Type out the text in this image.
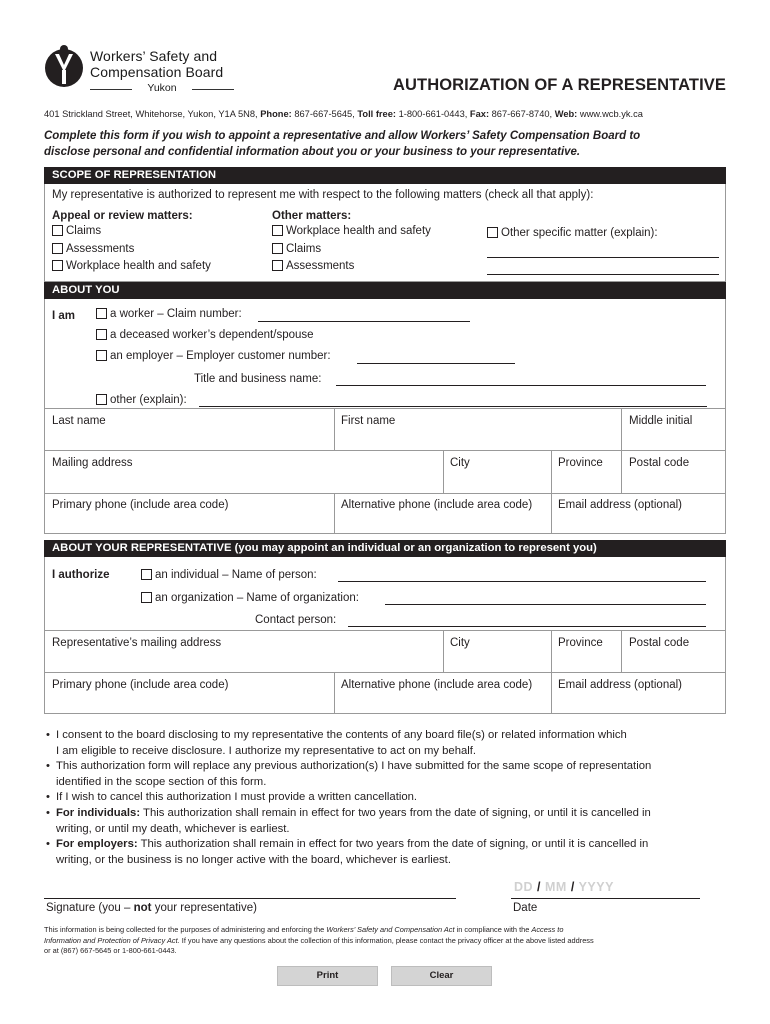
Workers’ Safety and
Compensation Board
Yukon	AUTHORIZATION OF A REPRESENTATIVE
401 Strickland Street, Whitehorse, Yukon, Y1A 5N8, Phone: 867-667-5645, Toll free: 1-800-661-0443, Fax: 867-667-8740, Web: www.wcb.yk.ca
Complete this form if you wish to appoint a representative and allow Workers’ Safety Compensation Board to
disclose personal and confidential information about you or your business to your representative.
SCOPE OF REPRESENTATION
My representative is authorized to represent me with respect to the following matters (check all that apply):
Appeal or review matters:
Claims
Assessments
Workplace health and safety
Other matters:
Workplace health and safety
Claims
Assessments
Other specific matter (explain):
ABOUT YOU
I am	a worker – Claim number:
a deceased worker’s dependent/spouse
an employer – Employer customer number:
Title and business name:
other (explain):
Last name	First name	Middle initial
Mailing address	City	Province Postal code
Primary phone (include area code)	Alternative phone (include area code) Email address (optional)
ABOUT YOUR REPRESENTATIVE (you may appoint an individual or an organization to represent you)
I authorize	an individual – Name of person:
an organization – Name of organization:
Contact person:
Representative’s mailing address	City	Province Postal code
Primary phone (include area code)	Alternative phone (include area code) Email address (optional)
• I consent to the board disclosing to my representative the contents of any board file(s) or related information which
I am eligible to receive disclosure. I authorize my representative to act on my behalf.
• This authorization form will replace any previous authorization(s) I have submitted for the same scope of representation
identified in the scope section of this form.
• If I wish to cancel this authorization I must provide a written cancellation.
• For individuals: This authorization shall remain in effect for two years from the date of signing, or until it is cancelled in
writing, or until my death, whichever is earliest.
• For employers: This authorization shall remain in effect for two years from the date of signing, or until it is cancelled in
writing, or the business is no longer active with the board, whichever is earliest.
Signature (you – not your representative)
DD / MM / YYYY
Date
This information is being collected for the purposes of administering and enforcing the Workers’ Safety and Compensation Act in compliance with the Access to
Information and Protection of Privacy Act. If you have any questions about the collection of this information, please contact the privacy officer at the above listed address
or at (867) 667-5645 or 1-800-661-0443.
Print	Clear
